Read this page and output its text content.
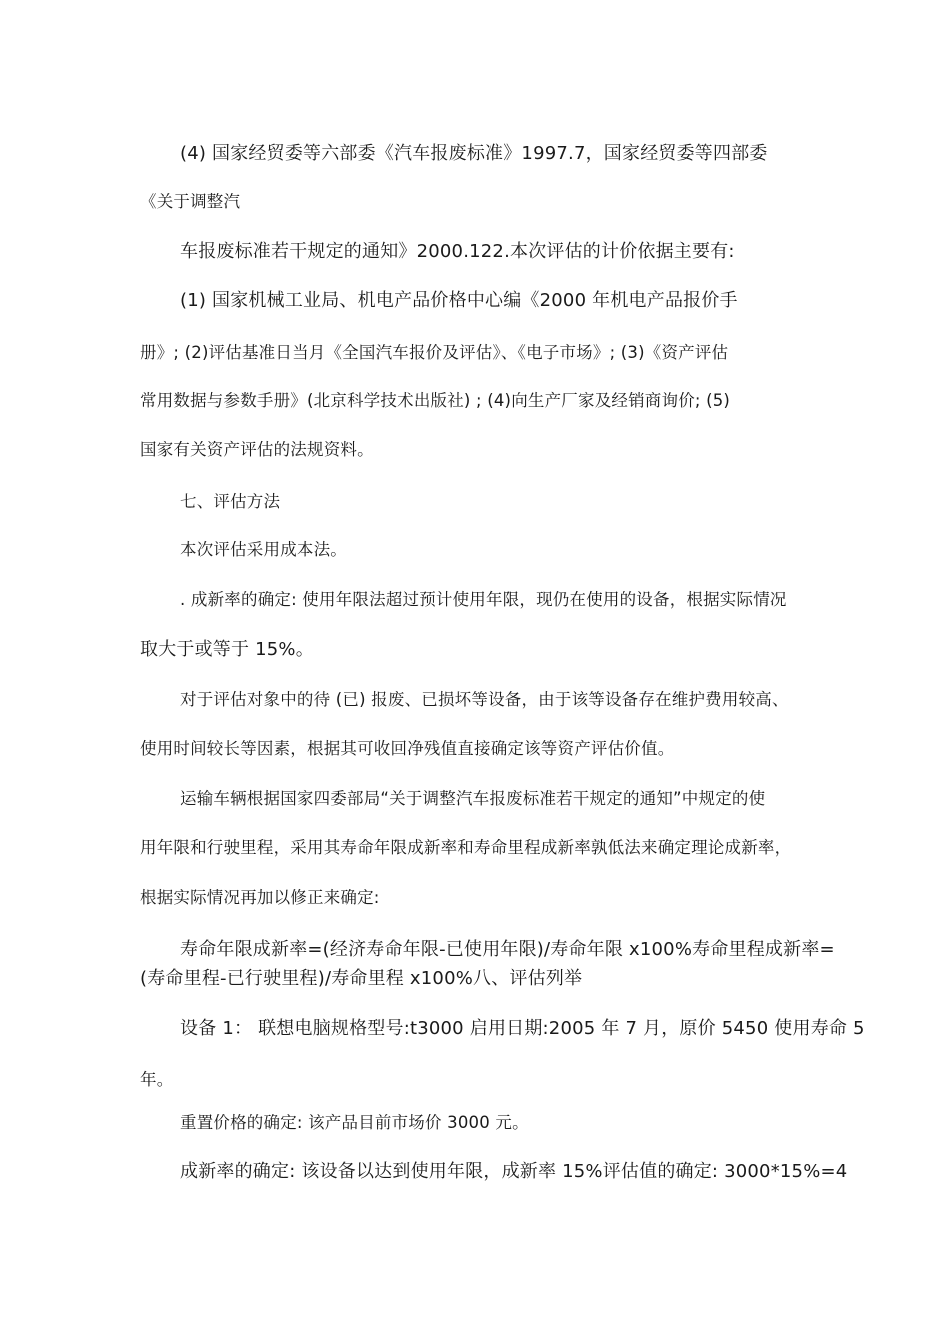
(4) 国家经贸委等六部委《汽车报废标准》1997.7，国家经贸委等四部委
《关于调整汽
车报废标准若干规定的通知》2000.122.本次评估的计价依据主要有:
(1) 国家机械工业局、机电产品价格中心编《2000 年机电产品报价手
册》; (2)评估基准日当月《全国汽车报价及评估》、《电子市场》; (3)《资产评估
常用数据与参数手册》(北京科学技术出版社) ; (4)向生产厂家及经销商询价; (5)
国家有关资产评估的法规资料。
七、评估方法
本次评估采用成本法。
. 成新率的确定: 使用年限法超过预计使用年限，现仍在使用的设备，根据实际情况
取大于或等于 15%。
对于评估对象中的待 (已) 报废、已损坏等设备，由于该等设备存在维护费用较高、
使用时间较长等因素，根据其可收回净残值直接确定该等资产评估价值。
运输车辆根据国家四委部局“关于调整汽车报废标准若干规定的通知”中规定的使
用年限和行驶里程，采用其寿命年限成新率和寿命里程成新率孰低法来确定理论成新率，
根据实际情况再加以修正来确定:
寿命年限成新率=(经济寿命年限-已使用年限)/寿命年限 x100%寿命里程成新率=
(寿命里程-已行驶里程)/寿命里程 x100%八、评估列举
设备 1： 联想电脑规格型号:t3000 启用日期:2005 年 7 月，原价 5450 使用寿命 5
年。
重置价格的确定: 该产品目前市场价 3000 元。
成新率的确定: 该设备以达到使用年限，成新率 15%评估值的确定: 3000*15%=4
